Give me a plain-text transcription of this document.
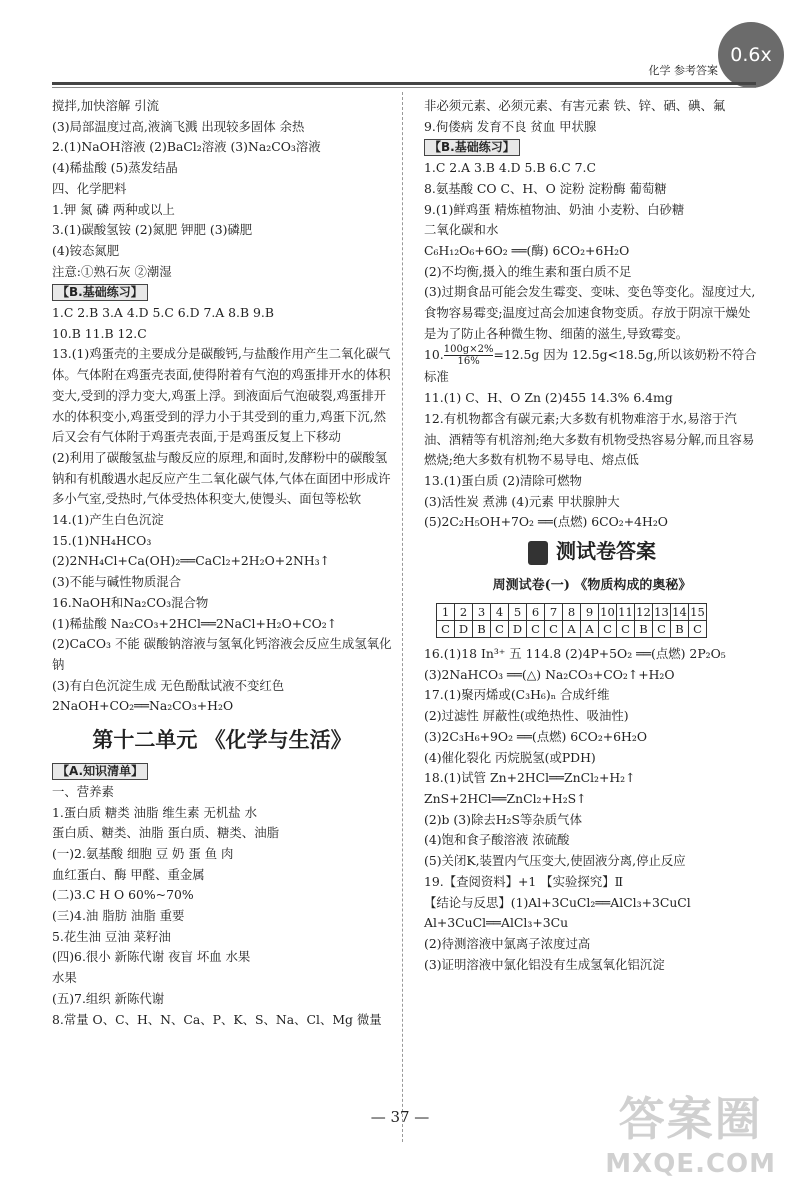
0.6x
化学 参考答案
搅拌,加快溶解 引流
(3)局部温度过高,液滴飞溅 出现较多固体 余热
2.(1)NaOH溶液 (2)BaCl₂溶液 (3)Na₂CO₃溶液
(4)稀盐酸 (5)蒸发结晶
四、化学肥料
1.钾 氮 磷 两种或以上
3.(1)碳酸氢铵 (2)氮肥 钾肥 (3)磷肥
(4)铵态氮肥
注意:①熟石灰 ②潮湿
【B.基础练习】
1.C 2.B 3.A 4.D 5.C 6.D 7.A 8.B 9.B
10.B 11.B 12.C
13.(1)鸡蛋壳的主要成分是碳酸钙,与盐酸作用产生二氧化碳气体。气体附在鸡蛋壳表面,使得附着有气泡的鸡蛋排开水的体积变大,受到的浮力变大,鸡蛋上浮。到液面后气泡破裂,鸡蛋排开水的体积变小,鸡蛋受到的浮力小于其受到的重力,鸡蛋下沉,然后又会有气体附于鸡蛋壳表面,于是鸡蛋反复上下移动
(2)利用了碳酸氢盐与酸反应的原理,和面时,发酵粉中的碳酸氢钠和有机酸遇水起反应产生二氧化碳气体,气体在面团中形成许多小气室,受热时,气体受热体积变大,使馒头、面包等松软
14.(1)产生白色沉淀
15.(1)NH₄HCO₃
(2)2NH₄Cl+Ca(OH)₂══CaCl₂+2H₂O+2NH₃↑
(3)不能与碱性物质混合
16.NaOH和Na₂CO₃混合物
(1)稀盐酸 Na₂CO₃+2HCl══2NaCl+H₂O+CO₂↑
(2)CaCO₃ 不能 碳酸钠溶液与氢氧化钙溶液会反应生成氢氧化钠
(3)有白色沉淀生成 无色酚酞试液不变红色
2NaOH+CO₂══Na₂CO₃+H₂O
第十二单元 《化学与生活》
【A.知识清单】
一、营养素
1.蛋白质 糖类 油脂 维生素 无机盐 水
蛋白质、糖类、油脂 蛋白质、糖类、油脂
(一)2.氨基酸 细胞 豆 奶 蛋 鱼 肉
血红蛋白、酶 甲醛、重金属
(二)3.C H O 60%~70%
(三)4.油 脂肪 油脂 重要
5.花生油 豆油 菜籽油
(四)6.很小 新陈代谢 夜盲 坏血 水果
水果
(五)7.组织 新陈代谢
8.常量 O、C、H、N、Ca、P、K、S、Na、Cl、Mg 微量
非必须元素、必须元素、有害元素 铁、锌、硒、碘、氟
9.佝偻病 发育不良 贫血 甲状腺
【B.基础练习】
1.C 2.A 3.B 4.D 5.B 6.C 7.C
8.氨基酸 CO C、H、O 淀粉 淀粉酶 葡萄糖
9.(1)鲜鸡蛋 精炼植物油、奶油 小麦粉、白砂糖
二氧化碳和水
C₆H₁₂O₆+6O₂ ══(酶) 6CO₂+6H₂O
(2)不均衡,摄入的维生素和蛋白质不足
(3)过期食品可能会发生霉变、变味、变色等变化。湿度过大,食物容易霉变;温度过高会加速食物变质。存放于阴凉干燥处是为了防止各种微生物、细菌的滋生,导致霉变。
10. $\frac{100g\times 2\%}{16\%} =12.5g$ 因为 12.5g<18.5g,所以该奶粉不符合标准
11.(1) C、H、O Zn (2)455 14.3% 6.4mg
12.有机物都含有碳元素;大多数有机物难溶于水,易溶于汽油、酒精等有机溶剂;绝大多数有机物受热容易分解,而且容易燃烧;绝大多数有机物不易导电、熔点低
13.(1)蛋白质 (2)清除可燃物
(3)活性炭 煮沸 (4)元素 甲状腺肿大
(5)2C₂H₅OH+7O₂ ══(点燃) 6CO₂+4H₂O
测试卷答案
周测试卷(一) 《物质构成的奥秘》
1	2	3	4	5	6	7	8	9	10	11	12	13	14	15
C	D	B	C	D	C	C	A	A	C	C	B	C	B	C
16.(1)18 In³⁺ 五 114.8 (2)4P+5O₂ ══(点燃) 2P₂O₅
(3)2NaHCO₃ ══(△) Na₂CO₃+CO₂↑+H₂O
17.(1)聚丙烯或(C₃H₆)ₙ 合成纤维
(2)过滤性 屏蔽性(或绝热性、吸油性)
(3)2C₃H₆+9O₂ ══(点燃) 6CO₂+6H₂O
(4)催化裂化 丙烷脱氢(或PDH)
18.(1)试管 Zn+2HCl══ZnCl₂+H₂↑
ZnS+2HCl══ZnCl₂+H₂S↑
(2)b (3)除去H₂S等杂质气体
(4)饱和食子酸溶液 浓硫酸
(5)关闭K,装置内气压变大,使固液分离,停止反应
19.【查阅资料】+1 【实验探究】Ⅱ
【结论与反思】(1)Al+3CuCl₂══AlCl₃+3CuCl
Al+3CuCl══AlCl₃+3Cu
(2)待测溶液中氯离子浓度过高
(3)证明溶液中氯化铝没有生成氢氧化铝沉淀
— 37 —	答案圈
MXQE.COM
